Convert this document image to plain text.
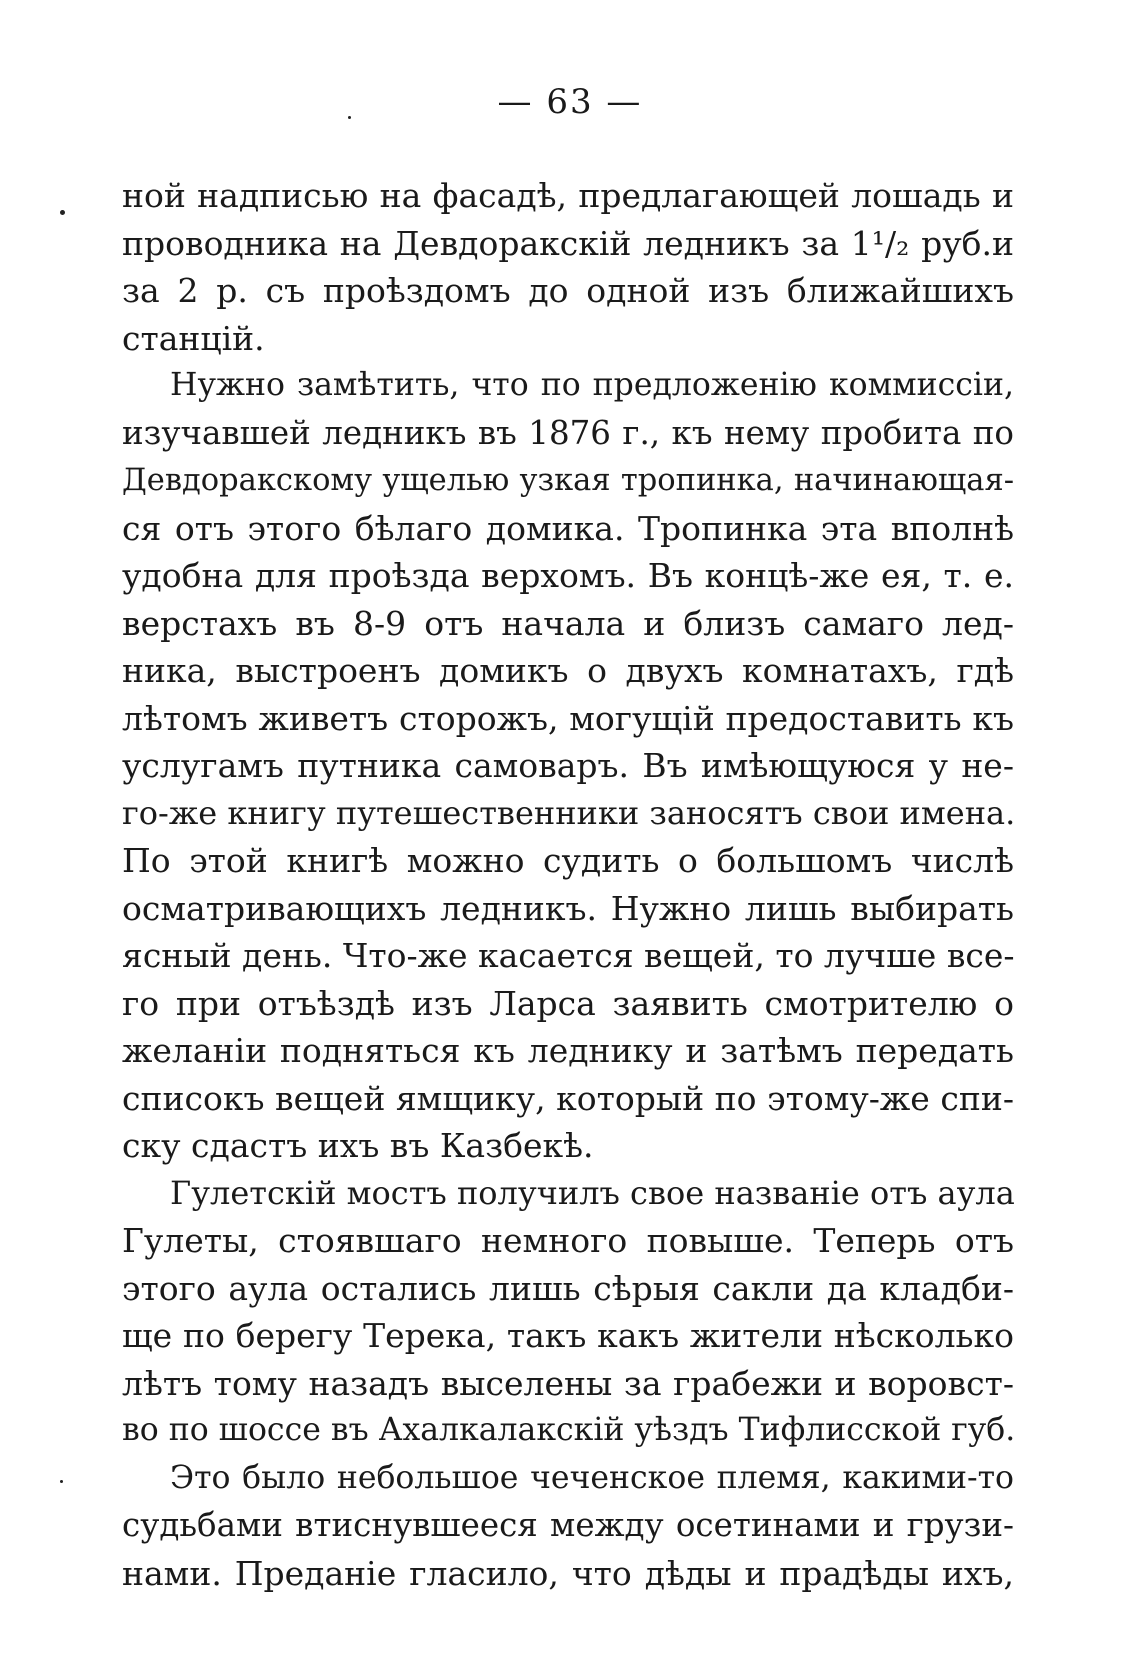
— 63 —
ной надписью на фасадѣ, предлагающей лошадь и
проводника на Девдоракскій ледникъ за 1¹/₂ руб.и
за 2 р. съ проѣздомъ до одной изъ ближайшихъ
станцій.
Нужно замѣтить, что по предложенію коммиссіи,
изучавшей ледникъ въ 1876 г., къ нему пробита по
Девдоракскому ущелью узкая тропинка, начинающая-
ся отъ этого бѣлаго домика. Тропинка эта вполнѣ
удобна для проѣзда верхомъ. Въ концѣ-же ея, т. е.
верстахъ въ 8-9 отъ начала и близъ самаго лед-
ника, выстроенъ домикъ о двухъ комнатахъ, гдѣ
лѣтомъ живетъ сторожъ, могущій предоставить къ
услугамъ путника самоваръ. Въ имѣющуюся у не-
го-же книгу путешественники заносятъ свои имена.
По этой книгѣ можно судить о большомъ числѣ
осматривающихъ ледникъ. Нужно лишь выбирать
ясный день. Что-же касается вещей, то лучше все-
го при отъѣздѣ изъ Ларса заявить смотрителю о
желаніи подняться къ леднику и затѣмъ передать
списокъ вещей ямщику, который по этому-же спи-
ску сдастъ ихъ въ Казбекѣ.
Гулетскій мостъ получилъ свое названіе отъ аула
Гулеты, стоявшаго немного повыше. Теперь отъ
этого аула остались лишь сѣрыя сакли да кладби-
ще по берегу Терека, такъ какъ жители нѣсколько
лѣтъ тому назадъ выселены за грабежи и воровст-
во по шоссе въ Ахалкалакскій уѣздъ Тифлисской губ.
Это было небольшое чеченское племя, какими-то
судьбами втиснувшееся между осетинами и грузи-
нами. Преданіе гласило, что дѣды и прадѣды ихъ,
